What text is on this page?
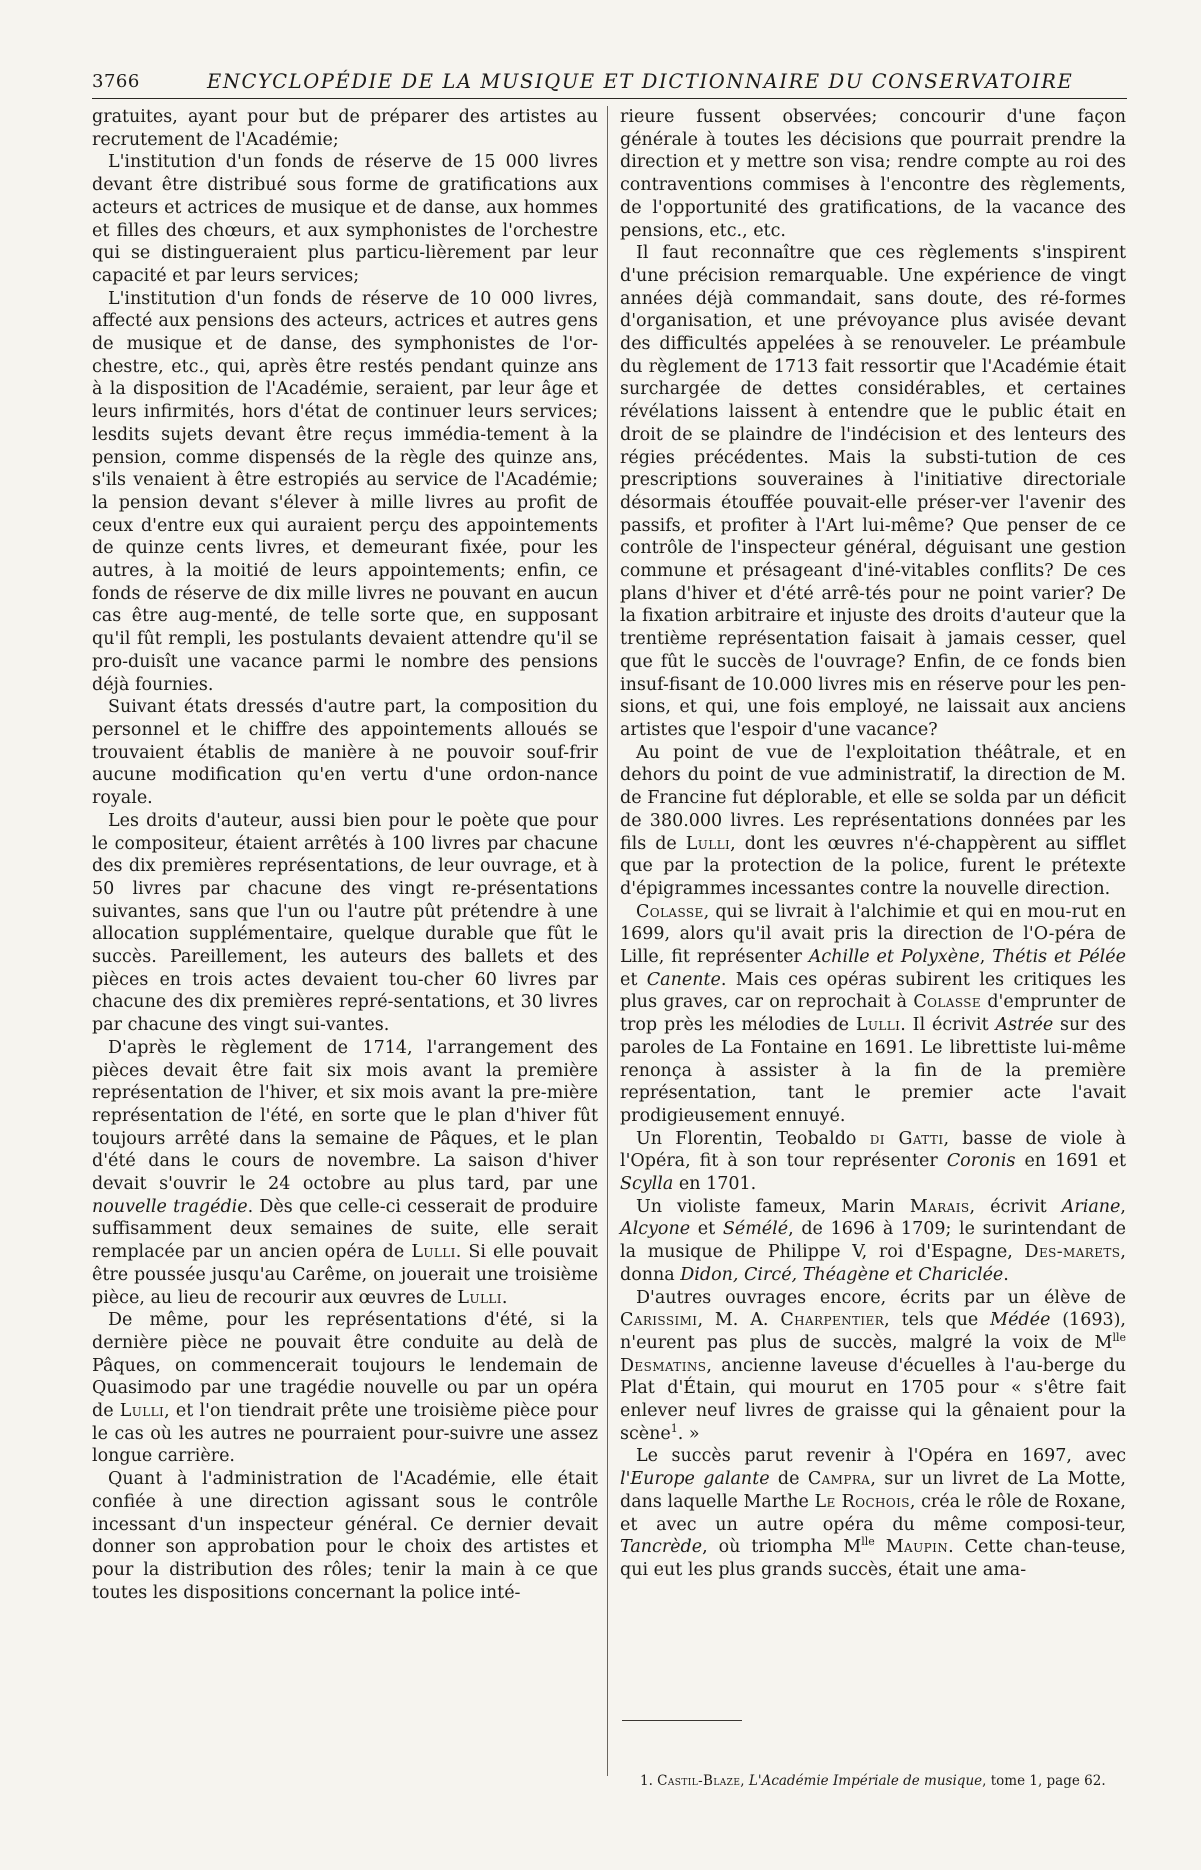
3766	ENCYCLOPÉDIE DE LA MUSIQUE ET DICTIONNAIRE DU CONSERVATOIRE

gratuites, ayant pour but de préparer des artistes au recrutement de l'Académie;

L'institution d'un fonds de réserve de 15 000 livres devant être distribué sous forme de gratifications aux acteurs et actrices de musique et de danse, aux hommes et filles des chœurs, et aux symphonistes de l'orchestre qui se distingueraient plus particu-lièrement par leur capacité et par leurs services;

L'institution d'un fonds de réserve de 10 000 livres, affecté aux pensions des acteurs, actrices et autres gens de musique et de danse, des symphonistes de l'or-chestre, etc., qui, après être restés pendant quinze ans à la disposition de l'Académie, seraient, par leur âge et leurs infirmités, hors d'état de continuer leurs services; lesdits sujets devant être reçus immédia-tement à la pension, comme dispensés de la règle des quinze ans, s'ils venaient à être estropiés au service de l'Académie; la pension devant s'élever à mille livres au profit de ceux d'entre eux qui auraient perçu des appointements de quinze cents livres, et demeurant fixée, pour les autres, à la moitié de leurs appointements; enfin, ce fonds de réserve de dix mille livres ne pouvant en aucun cas être aug-menté, de telle sorte que, en supposant qu'il fût rempli, les postulants devaient attendre qu'il se pro-duisît une vacance parmi le nombre des pensions déjà fournies.

Suivant états dressés d'autre part, la composition du personnel et le chiffre des appointements alloués se trouvaient établis de manière à ne pouvoir souf-frir aucune modification qu'en vertu d'une ordon-nance royale.

Les droits d'auteur, aussi bien pour le poète que pour le compositeur, étaient arrêtés à 100 livres par chacune des dix premières représentations, de leur ouvrage, et à 50 livres par chacune des vingt re-présentations suivantes, sans que l'un ou l'autre pût prétendre à une allocation supplémentaire, quelque durable que fût le succès. Pareillement, les auteurs des ballets et des pièces en trois actes devaient tou-cher 60 livres par chacune des dix premières repré-sentations, et 30 livres par chacune des vingt sui-vantes.

D'après le règlement de 1714, l'arrangement des pièces devait être fait six mois avant la première représentation de l'hiver, et six mois avant la pre-mière représentation de l'été, en sorte que le plan d'hiver fût toujours arrêté dans la semaine de Pâques, et le plan d'été dans le cours de novembre. La saison d'hiver devait s'ouvrir le 24 octobre au plus tard, par une nouvelle tragédie. Dès que celle-ci cesserait de produire suffisamment deux semaines de suite, elle serait remplacée par un ancien opéra de Lulli. Si elle pouvait être poussée jusqu'au Carême, on jouerait une troisième pièce, au lieu de recourir aux œuvres de Lulli.

De même, pour les représentations d'été, si la dernière pièce ne pouvait être conduite au delà de Pâques, on commencerait toujours le lendemain de Quasimodo par une tragédie nouvelle ou par un opéra de Lulli, et l'on tiendrait prête une troisième pièce pour le cas où les autres ne pourraient pour-suivre une assez longue carrière.

Quant à l'administration de l'Académie, elle était confiée à une direction agissant sous le contrôle incessant d'un inspecteur général. Ce dernier devait donner son approbation pour le choix des artistes et pour la distribution des rôles; tenir la main à ce que toutes les dispositions concernant la police inté-

rieure fussent observées; concourir d'une façon générale à toutes les décisions que pourrait prendre la direction et y mettre son visa; rendre compte au roi des contraventions commises à l'encontre des règlements, de l'opportunité des gratifications, de la vacance des pensions, etc., etc.

Il faut reconnaître que ces règlements s'inspirent d'une précision remarquable. Une expérience de vingt années déjà commandait, sans doute, des ré-formes d'organisation, et une prévoyance plus avisée devant des difficultés appelées à se renouveler. Le préambule du règlement de 1713 fait ressortir que l'Académie était surchargée de dettes considérables, et certaines révélations laissent à entendre que le public était en droit de se plaindre de l'indécision et des lenteurs des régies précédentes. Mais la substi-tution de ces prescriptions souveraines à l'initiative directoriale désormais étouffée pouvait-elle préser-ver l'avenir des passifs, et profiter à l'Art lui-même? Que penser de ce contrôle de l'inspecteur général, déguisant une gestion commune et présageant d'iné-vitables conflits? De ces plans d'hiver et d'été arrê-tés pour ne point varier? De la fixation arbitraire et injuste des droits d'auteur que la trentième représentation faisait à jamais cesser, quel que fût le succès de l'ouvrage? Enfin, de ce fonds bien insuf-fisant de 10.000 livres mis en réserve pour les pen-sions, et qui, une fois employé, ne laissait aux anciens artistes que l'espoir d'une vacance?

Au point de vue de l'exploitation théâtrale, et en dehors du point de vue administratif, la direction de M. de Francine fut déplorable, et elle se solda par un déficit de 380.000 livres. Les représentations données par les fils de Lulli, dont les œuvres n'é-chappèrent au sifflet que par la protection de la police, furent le prétexte d'épigrammes incessantes contre la nouvelle direction.

Colasse, qui se livrait à l'alchimie et qui en mou-rut en 1699, alors qu'il avait pris la direction de l'O-péra de Lille, fit représenter Achille et Polyxène, Thétis et Pélée et Canente. Mais ces opéras subirent les critiques les plus graves, car on reprochait à Colasse d'emprunter de trop près les mélodies de Lulli. Il écrivit Astrée sur des paroles de La Fontaine en 1691. Le librettiste lui-même renonça à assister à la fin de la première représentation, tant le premier acte l'avait prodigieusement ennuyé.

Un Florentin, Teobaldo di Gatti, basse de viole à l'Opéra, fit à son tour représenter Coronis en 1691 et Scylla en 1701.

Un violiste fameux, Marin Marais, écrivit Ariane, Alcyone et Sémélé, de 1696 à 1709; le surintendant de la musique de Philippe V, roi d'Espagne, Des-marets, donna Didon, Circé, Théagène et Chariclée.

D'autres ouvrages encore, écrits par un élève de Carissimi, M. A. Charpentier, tels que Médée (1693), n'eurent pas plus de succès, malgré la voix de $M^{lle}$ Desmatins, ancienne laveuse d'écuelles à l'au-berge du Plat d'Étain, qui mourut en 1705 pour « s'être fait enlever neuf livres de graisse qui la gênaient pour la scène$^1$. »

Le succès parut revenir à l'Opéra en 1697, avec l'Europe galante de Campra, sur un livret de La Motte, dans laquelle Marthe Le Rochois, créa le rôle de Roxane, et avec un autre opéra du même composi-teur, Tancrède, où triompha $M^{lle}$ Maupin. Cette chan-teuse, qui eut les plus grands succès, était une ama-

1. Castil-Blaze, L'Académie Impériale de musique, tome 1, page 62.
